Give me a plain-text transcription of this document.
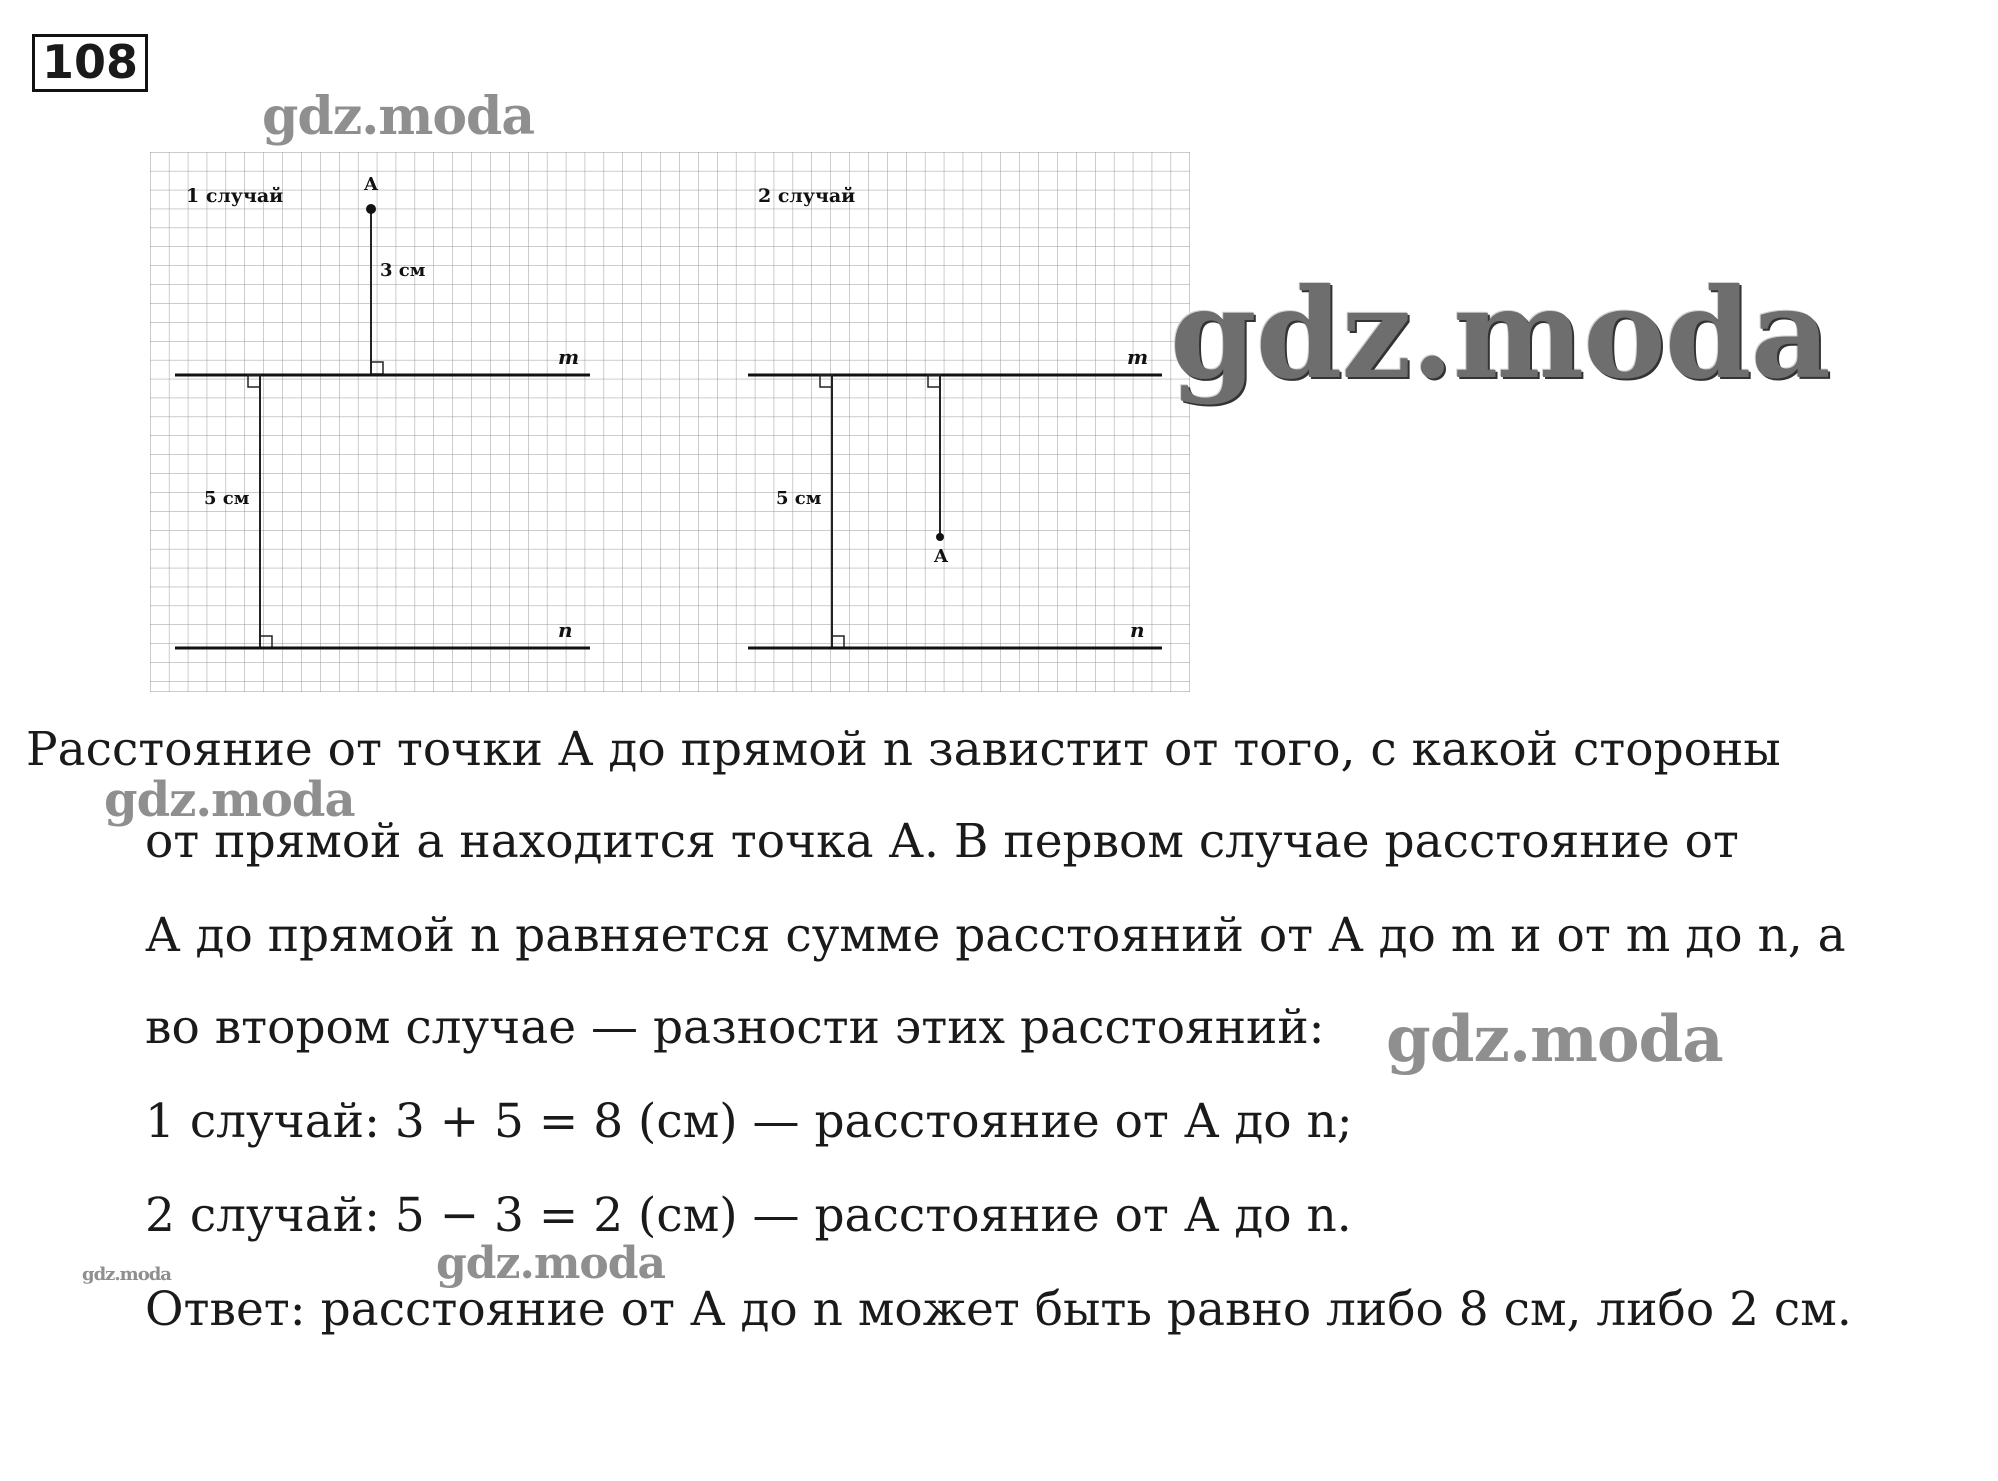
108
1 случай
A
3 см
m
5 см
n
2 случай
m
A
5 см
n
gdz.moda
gdz.moda
gdz.moda
gdz.moda
gdz.moda	gdz.moda
Расстояние от точки А до прямой n завистит от того, с какой стороны
от прямой a находится точка А. В первом случае расстояние от
А до прямой n равняется сумме расстояний от А до m и от m до n, а
во втором случае — разности этих расстояний:
1 случай: 3 + 5 = 8 (см) — расстояние от А до n;
2 случай: 5 − 3 = 2 (см) — расстояние от А до n.
Ответ: расстояние от А до n может быть равно либо 8 см, либо 2 см.
